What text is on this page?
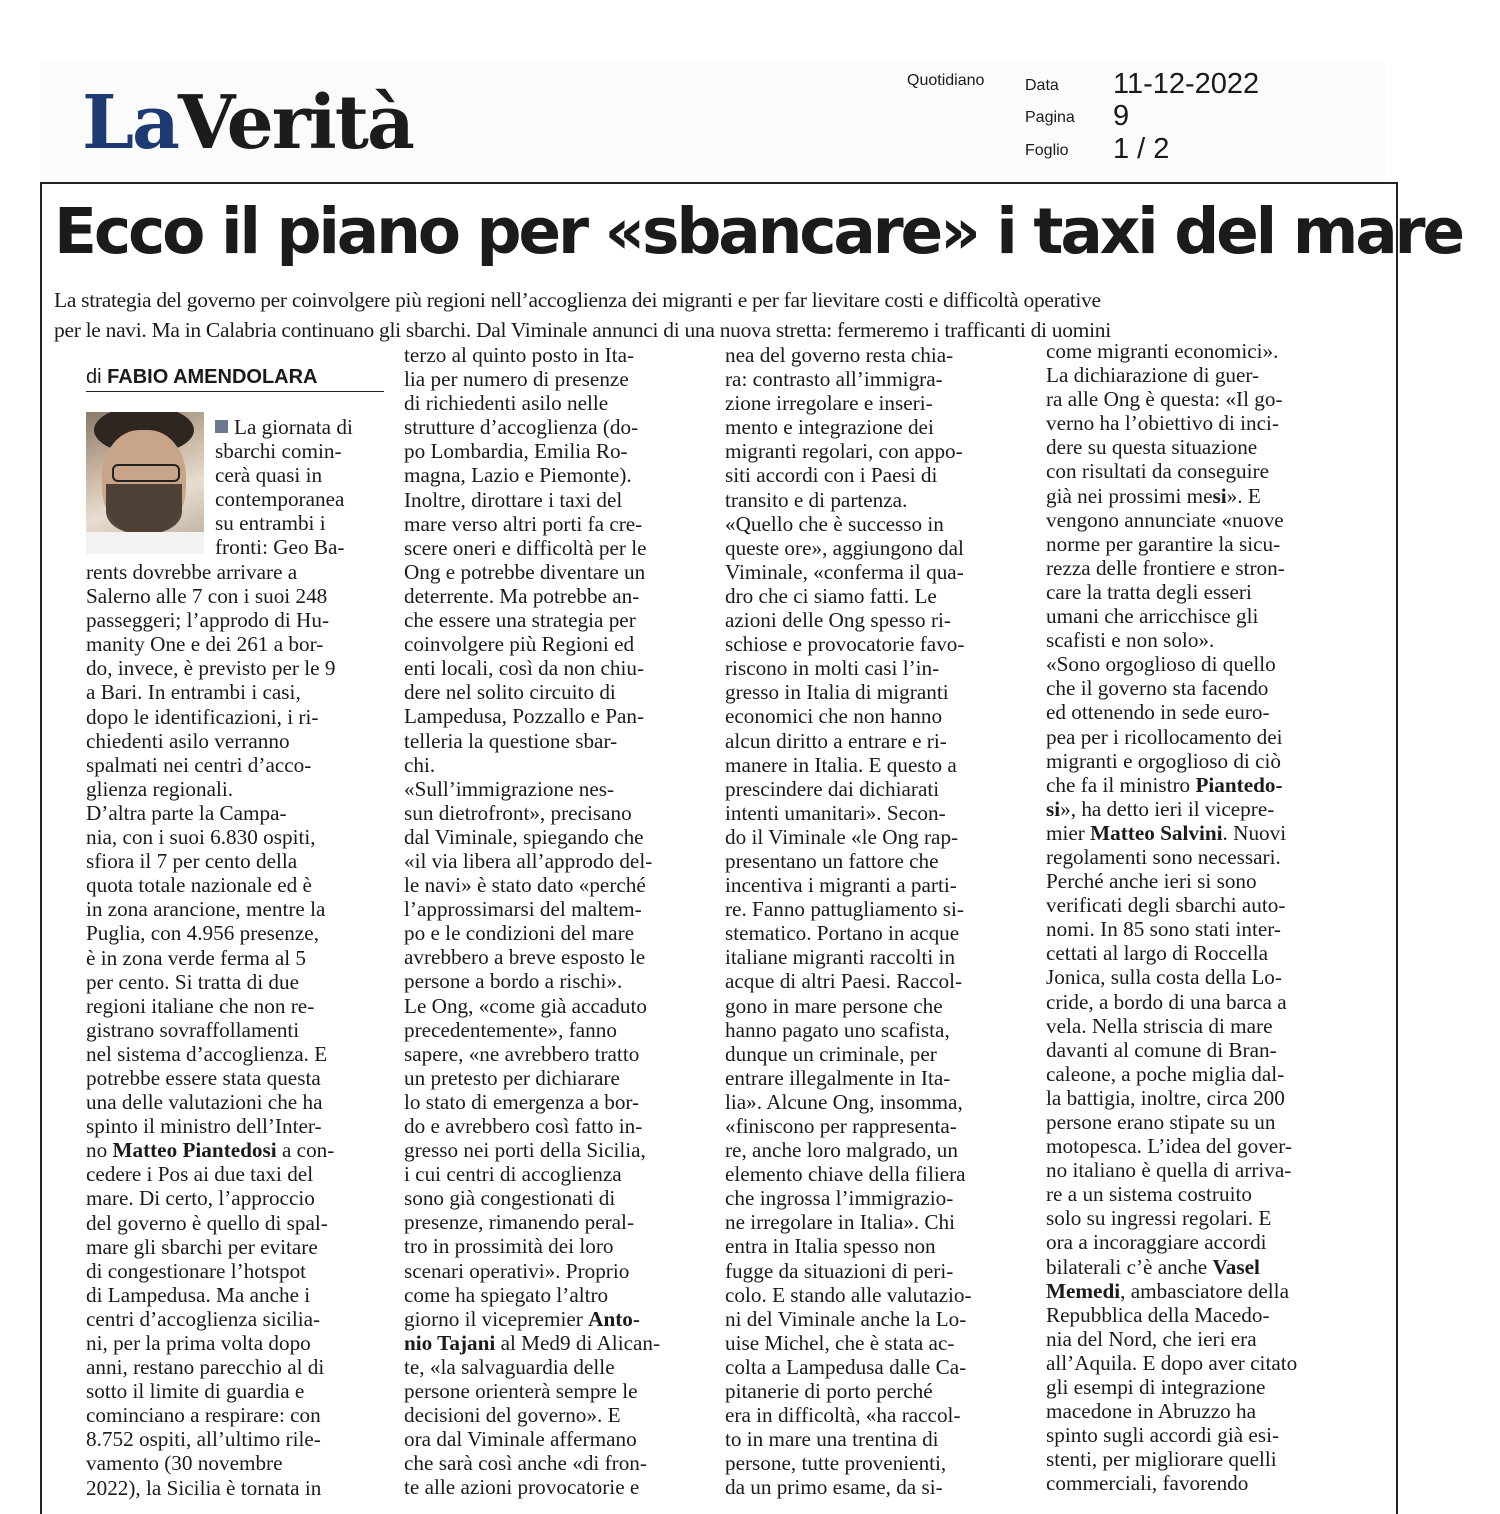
LaVerità	Quotidiano	Data	11-12-2022
Pagina	9
Foglio	1 / 2
Ecco il piano per «sbancare» i taxi del mare
La strategia del governo per coinvolgere più regioni nell’accoglienza dei migranti e per far lievitare costi e difficoltà operative
per le navi. Ma in Calabria continuano gli sbarchi. Dal Viminale annunci di una nuova stretta: fermeremo i trafficanti di uomini
di FABIO AMENDOLARA

La giornata di

sbarchi comin-

cerà quasi in

contemporanea

su entrambi i

fronti: Geo Ba-

rents dovrebbe arrivare a

Salerno alle 7 con i suoi 248

passeggeri; l’approdo di Hu-

manity One e dei 261 a bor-

do, invece, è previsto per le 9

a Bari. In entrambi i casi,

dopo le identificazioni, i ri-

chiedenti asilo verranno

spalmati nei centri d’acco-

glienza regionali.

D’altra parte la Campa-

nia, con i suoi 6.830 ospiti,

sfiora il 7 per cento della

quota totale nazionale ed è

in zona arancione, mentre la

Puglia, con 4.956 presenze,

è in zona verde ferma al 5

per cento. Si tratta di due

regioni italiane che non re-

gistrano sovraffollamenti

nel sistema d’accoglienza. E

potrebbe essere stata questa

una delle valutazioni che ha

spinto il ministro dell’Inter-

no Matteo Piantedosi a con-

cedere i Pos ai due taxi del

mare. Di certo, l’approccio

del governo è quello di spal-

mare gli sbarchi per evitare

di congestionare l’hotspot

di Lampedusa. Ma anche i

centri d’accoglienza sicilia-

ni, per la prima volta dopo

anni, restano parecchio al di

sotto il limite di guardia e

cominciano a respirare: con

8.752 ospiti, all’ultimo rile-

vamento (30 novembre

2022), la Sicilia è tornata in

terzo al quinto posto in Ita-

lia per numero di presenze

di richiedenti asilo nelle

strutture d’accoglienza (do-

po Lombardia, Emilia Ro-

magna, Lazio e Piemonte).

Inoltre, dirottare i taxi del

mare verso altri porti fa cre-

scere oneri e difficoltà per le

Ong e potrebbe diventare un

deterrente. Ma potrebbe an-

che essere una strategia per

coinvolgere più Regioni ed

enti locali, così da non chiu-

dere nel solito circuito di

Lampedusa, Pozzallo e Pan-

telleria la questione sbar-

chi.

«Sull’immigrazione nes-

sun dietrofront», precisano

dal Viminale, spiegando che

«il via libera all’approdo del-

le navi» è stato dato «perché

l’approssimarsi del maltem-

po e le condizioni del mare

avrebbero a breve esposto le

persone a bordo a rischi».

Le Ong, «come già accaduto

precedentemente», fanno

sapere, «ne avrebbero tratto

un pretesto per dichiarare

lo stato di emergenza a bor-

do e avrebbero così fatto in-

gresso nei porti della Sicilia,

i cui centri di accoglienza

sono già congestionati di

presenze, rimanendo peral-

tro in prossimità dei loro

scenari operativi». Proprio

come ha spiegato l’altro

giorno il vicepremier Anto-

nio Tajani al Med9 di Alican-

te, «la salvaguardia delle

persone orienterà sempre le

decisioni del governo». E

ora dal Viminale affermano

che sarà così anche «di fron-

te alle azioni provocatorie e

nea del governo resta chia-

ra: contrasto all’immigra-

zione irregolare e inseri-

mento e integrazione dei

migranti regolari, con appo-

siti accordi con i Paesi di

transito e di partenza.

«Quello che è successo in

queste ore», aggiungono dal

Viminale, «conferma il qua-

dro che ci siamo fatti. Le

azioni delle Ong spesso ri-

schiose e provocatorie favo-

riscono in molti casi l’in-

gresso in Italia di migranti

economici che non hanno

alcun diritto a entrare e ri-

manere in Italia. E questo a

prescindere dai dichiarati

intenti umanitari». Secon-

do il Viminale «le Ong rap-

presentano un fattore che

incentiva i migranti a parti-

re. Fanno pattugliamento si-

stematico. Portano in acque

italiane migranti raccolti in

acque di altri Paesi. Raccol-

gono in mare persone che

hanno pagato uno scafista,

dunque un criminale, per

entrare illegalmente in Ita-

lia». Alcune Ong, insomma,

«finiscono per rappresenta-

re, anche loro malgrado, un

elemento chiave della filiera

che ingrossa l’immigrazio-

ne irregolare in Italia». Chi

entra in Italia spesso non

fugge da situazioni di peri-

colo. E stando alle valutazio-

ni del Viminale anche la Lo-

uise Michel, che è stata ac-

colta a Lampedusa dalle Ca-

pitanerie di porto perché

era in difficoltà, «ha raccol-

to in mare una trentina di

persone, tutte provenienti,

da un primo esame, da si-

come migranti economici».

La dichiarazione di guer-

ra alle Ong è questa: «Il go-

verno ha l’obiettivo di inci-

dere su questa situazione

con risultati da conseguire

già nei prossimi mesi». E

vengono annunciate «nuove

norme per garantire la sicu-

rezza delle frontiere e stron-

care la tratta degli esseri

umani che arricchisce gli

scafisti e non solo».

«Sono orgoglioso di quello

che il governo sta facendo

ed ottenendo in sede euro-

pea per i ricollocamento dei

migranti e orgoglioso di ciò

che fa il ministro Piantedo-

si», ha detto ieri il vicepre-

mier Matteo Salvini. Nuovi

regolamenti sono necessari.

Perché anche ieri si sono

verificati degli sbarchi auto-

nomi. In 85 sono stati inter-

cettati al largo di Roccella

Jonica, sulla costa della Lo-

cride, a bordo di una barca a

vela. Nella striscia di mare

davanti al comune di Bran-

caleone, a poche miglia dal-

la battigia, inoltre, circa 200

persone erano stipate su un

motopesca. L’idea del gover-

no italiano è quella di arriva-

re a un sistema costruito

solo su ingressi regolari. E

ora a incoraggiare accordi

bilaterali c’è anche Vasel

Memedi, ambasciatore della

Repubblica della Macedo-

nia del Nord, che ieri era

all’Aquila. E dopo aver citato

gli esempi di integrazione

macedone in Abruzzo ha

spinto sugli accordi già esi-

stenti, per migliorare quelli

commerciali, favorendo
